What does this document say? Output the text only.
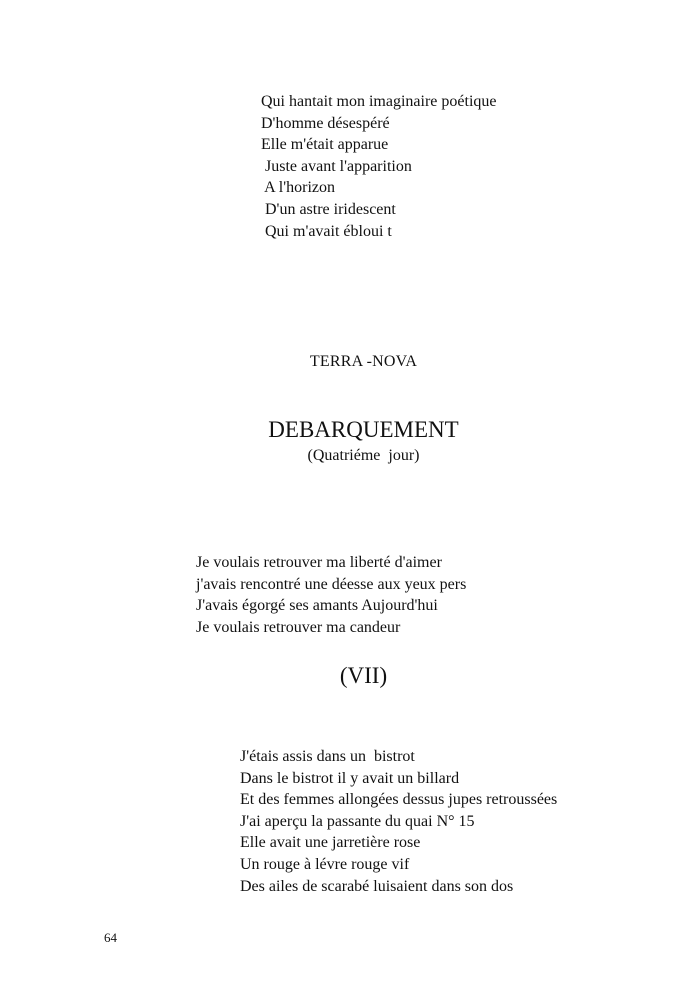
Qui hantait mon imaginaire poétique
D'homme désespéré
Elle m'était apparue
Juste avant l'apparition
A l'horizon
D'un astre iridescent
Qui m'avait ébloui t
TERRA -NOVA
DEBARQUEMENT
(Quatriéme  jour)
Je voulais retrouver ma liberté d'aimer
j'avais rencontré une déesse aux yeux pers
J'avais égorgé ses amants Aujourd'hui
Je voulais retrouver ma candeur
(VII)
J'étais assis dans un  bistrot
Dans le bistrot il y avait un billard
Et des femmes allongées dessus jupes retroussées
J'ai aperçu la passante du quai N° 15
Elle avait une jarretière rose
Un rouge à lévre rouge vif
Des ailes de scarabé luisaient dans son dos
64
